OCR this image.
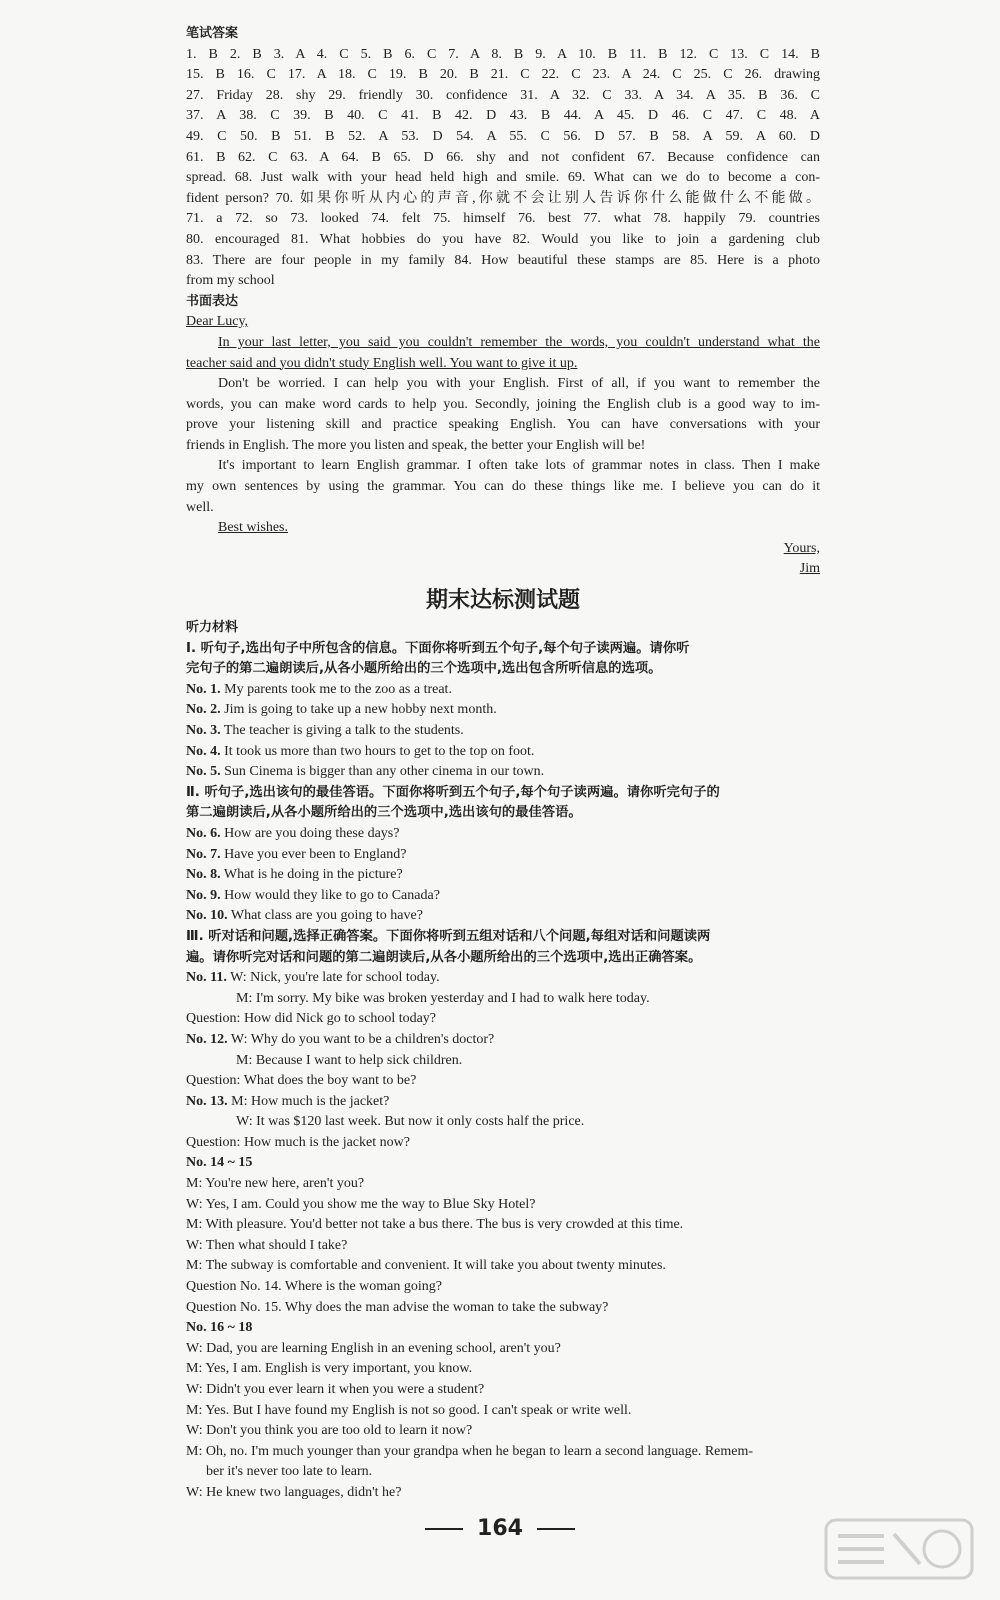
笔试答案
1. B 2. B 3. A 4. C 5. B 6. C 7. A 8. B 9. A 10. B 11. B 12. C 13. C 14. B
15. B 16. C 17. A 18. C 19. B 20. B 21. C 22. C 23. A 24. C 25. C 26. drawing
27. Friday 28. shy 29. friendly 30. confidence 31. A 32. C 33. A 34. A 35. B 36. C
37. A 38. C 39. B 40. C 41. B 42. D 43. B 44. A 45. D 46. C 47. C 48. A
49. C 50. B 51. B 52. A 53. D 54. A 55. C 56. D 57. B 58. A 59. A 60. D
61. B 62. C 63. A 64. B 65. D 66. shy and not confident 67. Because confidence can
spread. 68. Just walk with your head held high and smile. 69. What can we do to become a con-
fident person? 70. 如果你听从内心的声音,你就不会让别人告诉你什么能做什么不能做。
71. a 72. so 73. looked 74. felt 75. himself 76. best 77. what 78. happily 79. countries
80. encouraged 81. What hobbies do you have 82. Would you like to join a gardening club
83. There are four people in my family 84. How beautiful these stamps are 85. Here is a photo
from my school
书面表达
Dear Lucy,
In your last letter, you said you couldn't remember the words, you couldn't understand what the
teacher said and you didn't study English well. You want to give it up.
Don't be worried. I can help you with your English. First of all, if you want to remember the
words, you can make word cards to help you. Secondly, joining the English club is a good way to im-
prove your listening skill and practice speaking English. You can have conversations with your
friends in English. The more you listen and speak, the better your English will be!
It's important to learn English grammar. I often take lots of grammar notes in class. Then I make
my own sentences by using the grammar. You can do these things like me. I believe you can do it
well.
Best wishes.
Yours,
Jim
期末达标测试题
听力材料
Ⅰ. 听句子,选出句子中所包含的信息。下面你将听到五个句子,每个句子读两遍。请你听
完句子的第二遍朗读后,从各小题所给出的三个选项中,选出包含所听信息的选项。
No. 1. My parents took me to the zoo as a treat.
No. 2. Jim is going to take up a new hobby next month.
No. 3. The teacher is giving a talk to the students.
No. 4. It took us more than two hours to get to the top on foot.
No. 5. Sun Cinema is bigger than any other cinema in our town.
Ⅱ. 听句子,选出该句的最佳答语。下面你将听到五个句子,每个句子读两遍。请你听完句子的
第二遍朗读后,从各小题所给出的三个选项中,选出该句的最佳答语。
No. 6. How are you doing these days?
No. 7. Have you ever been to England?
No. 8. What is he doing in the picture?
No. 9. How would they like to go to Canada?
No. 10. What class are you going to have?
Ⅲ. 听对话和问题,选择正确答案。下面你将听到五组对话和八个问题,每组对话和问题读两
遍。请你听完对话和问题的第二遍朗读后,从各小题所给出的三个选项中,选出正确答案。
No. 11. W: Nick, you're late for school today.
M: I'm sorry. My bike was broken yesterday and I had to walk here today.
Question: How did Nick go to school today?
No. 12. W: Why do you want to be a children's doctor?
M: Because I want to help sick children.
Question: What does the boy want to be?
No. 13. M: How much is the jacket?
W: It was $120 last week. But now it only costs half the price.
Question: How much is the jacket now?
No. 14 ~ 15
M: You're new here, aren't you?
W: Yes, I am. Could you show me the way to Blue Sky Hotel?
M: With pleasure. You'd better not take a bus there. The bus is very crowded at this time.
W: Then what should I take?
M: The subway is comfortable and convenient. It will take you about twenty minutes.
Question No. 14. Where is the woman going?
Question No. 15. Why does the man advise the woman to take the subway?
No. 16 ~ 18
W: Dad, you are learning English in an evening school, aren't you?
M: Yes, I am. English is very important, you know.
W: Didn't you ever learn it when you were a student?
M: Yes. But I have found my English is not so good. I can't speak or write well.
W: Don't you think you are too old to learn it now?
M: Oh, no. I'm much younger than your grandpa when he began to learn a second language. Remem-
ber it's never too late to learn.
W: He knew two languages, didn't he?
164
